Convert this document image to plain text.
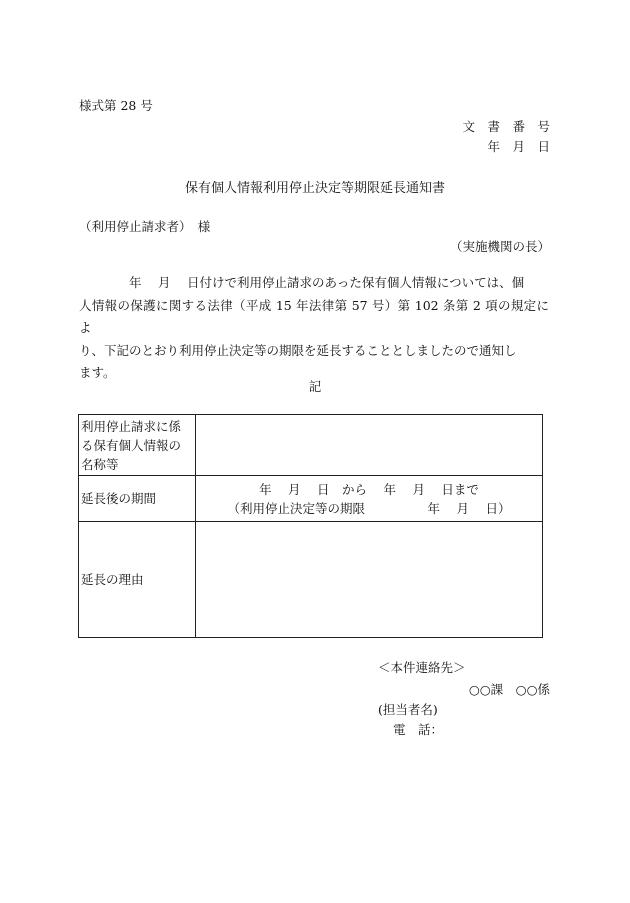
様式第 28 号
文　書　番　号
年　月　日
保有個人情報利用停止決定等期限延長通知書
（利用停止請求者）　様
（実施機関の長）
　　　　年　 月　 日付けで利用停止請求のあった保有個人情報については、個
人情報の保護に関する法律（平成 15 年法律第 57 号）第 102 条第 2 項の規定によ
り、下記のとおり利用停止決定等の期限を延長することとしましたので通知し
ます。
記
利用停止請求に係
る保有個人情報の
名称等	

延長後の期間	年　 月　 日　から　 年　 月　 日まで
（利用停止決定等の期限　　　　　年　 月　 日）

延長の理由	

＜本件連絡先＞
○○課　○○係
(担当者名)
電　話：
